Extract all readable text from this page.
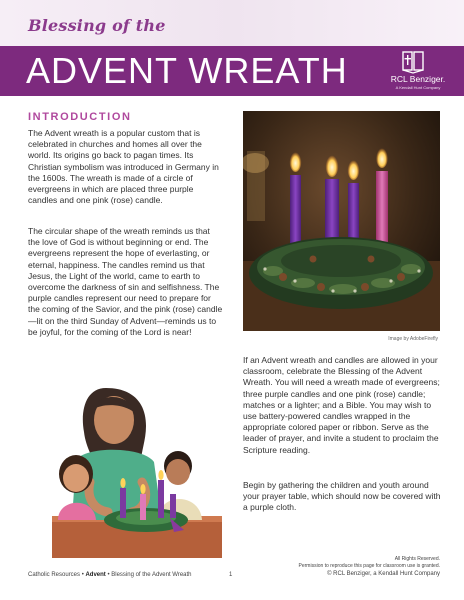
Blessing of the
ADVENT WREATH	RCL Benziger.
A Kendall Hunt Company
INTRODUCTION

The Advent wreath is a popular custom that is celebrated in churches and homes all over the world. Its origins go back to pagan times. Its Christian symbolism was introduced in Germany in the 1600s. The wreath is made of a circle of evergreens in which are placed three purple candles and one pink (rose) candle.

The circular shape of the wreath reminds us that the love of God is without beginning or end. The evergreens represent the hope of everlasting, or eternal, happiness. The candles remind us that Jesus, the Light of the world, came to earth to overcome the darkness of sin and selfishness. The purple candles represent our need to prepare for the coming of the Savior, and the pink (rose) candle—lit on the third Sunday of Advent—reminds us to be joyful, for the coming of the Lord is near!

Image by AdobeFirefly

If an Advent wreath and candles are allowed in your classroom, celebrate the Blessing of the Advent Wreath. You will need a wreath made of evergreens; three purple candles and one pink (rose) candle; matches or a lighter; and a Bible. You may wish to use battery-powered candles wrapped in the appropriate colored paper or ribbon. Serve as the leader of prayer, and invite a student to proclaim the Scripture reading.

Begin by gathering the children and youth around your prayer table, which should now be covered with a purple cloth.

Catholic Resources • Advent • Blessing of the Advent Wreath	1
All Rights Reserved.
Permission to reproduce this page for classroom use is granted.
© RCL Benziger, a Kendall Hunt Company
